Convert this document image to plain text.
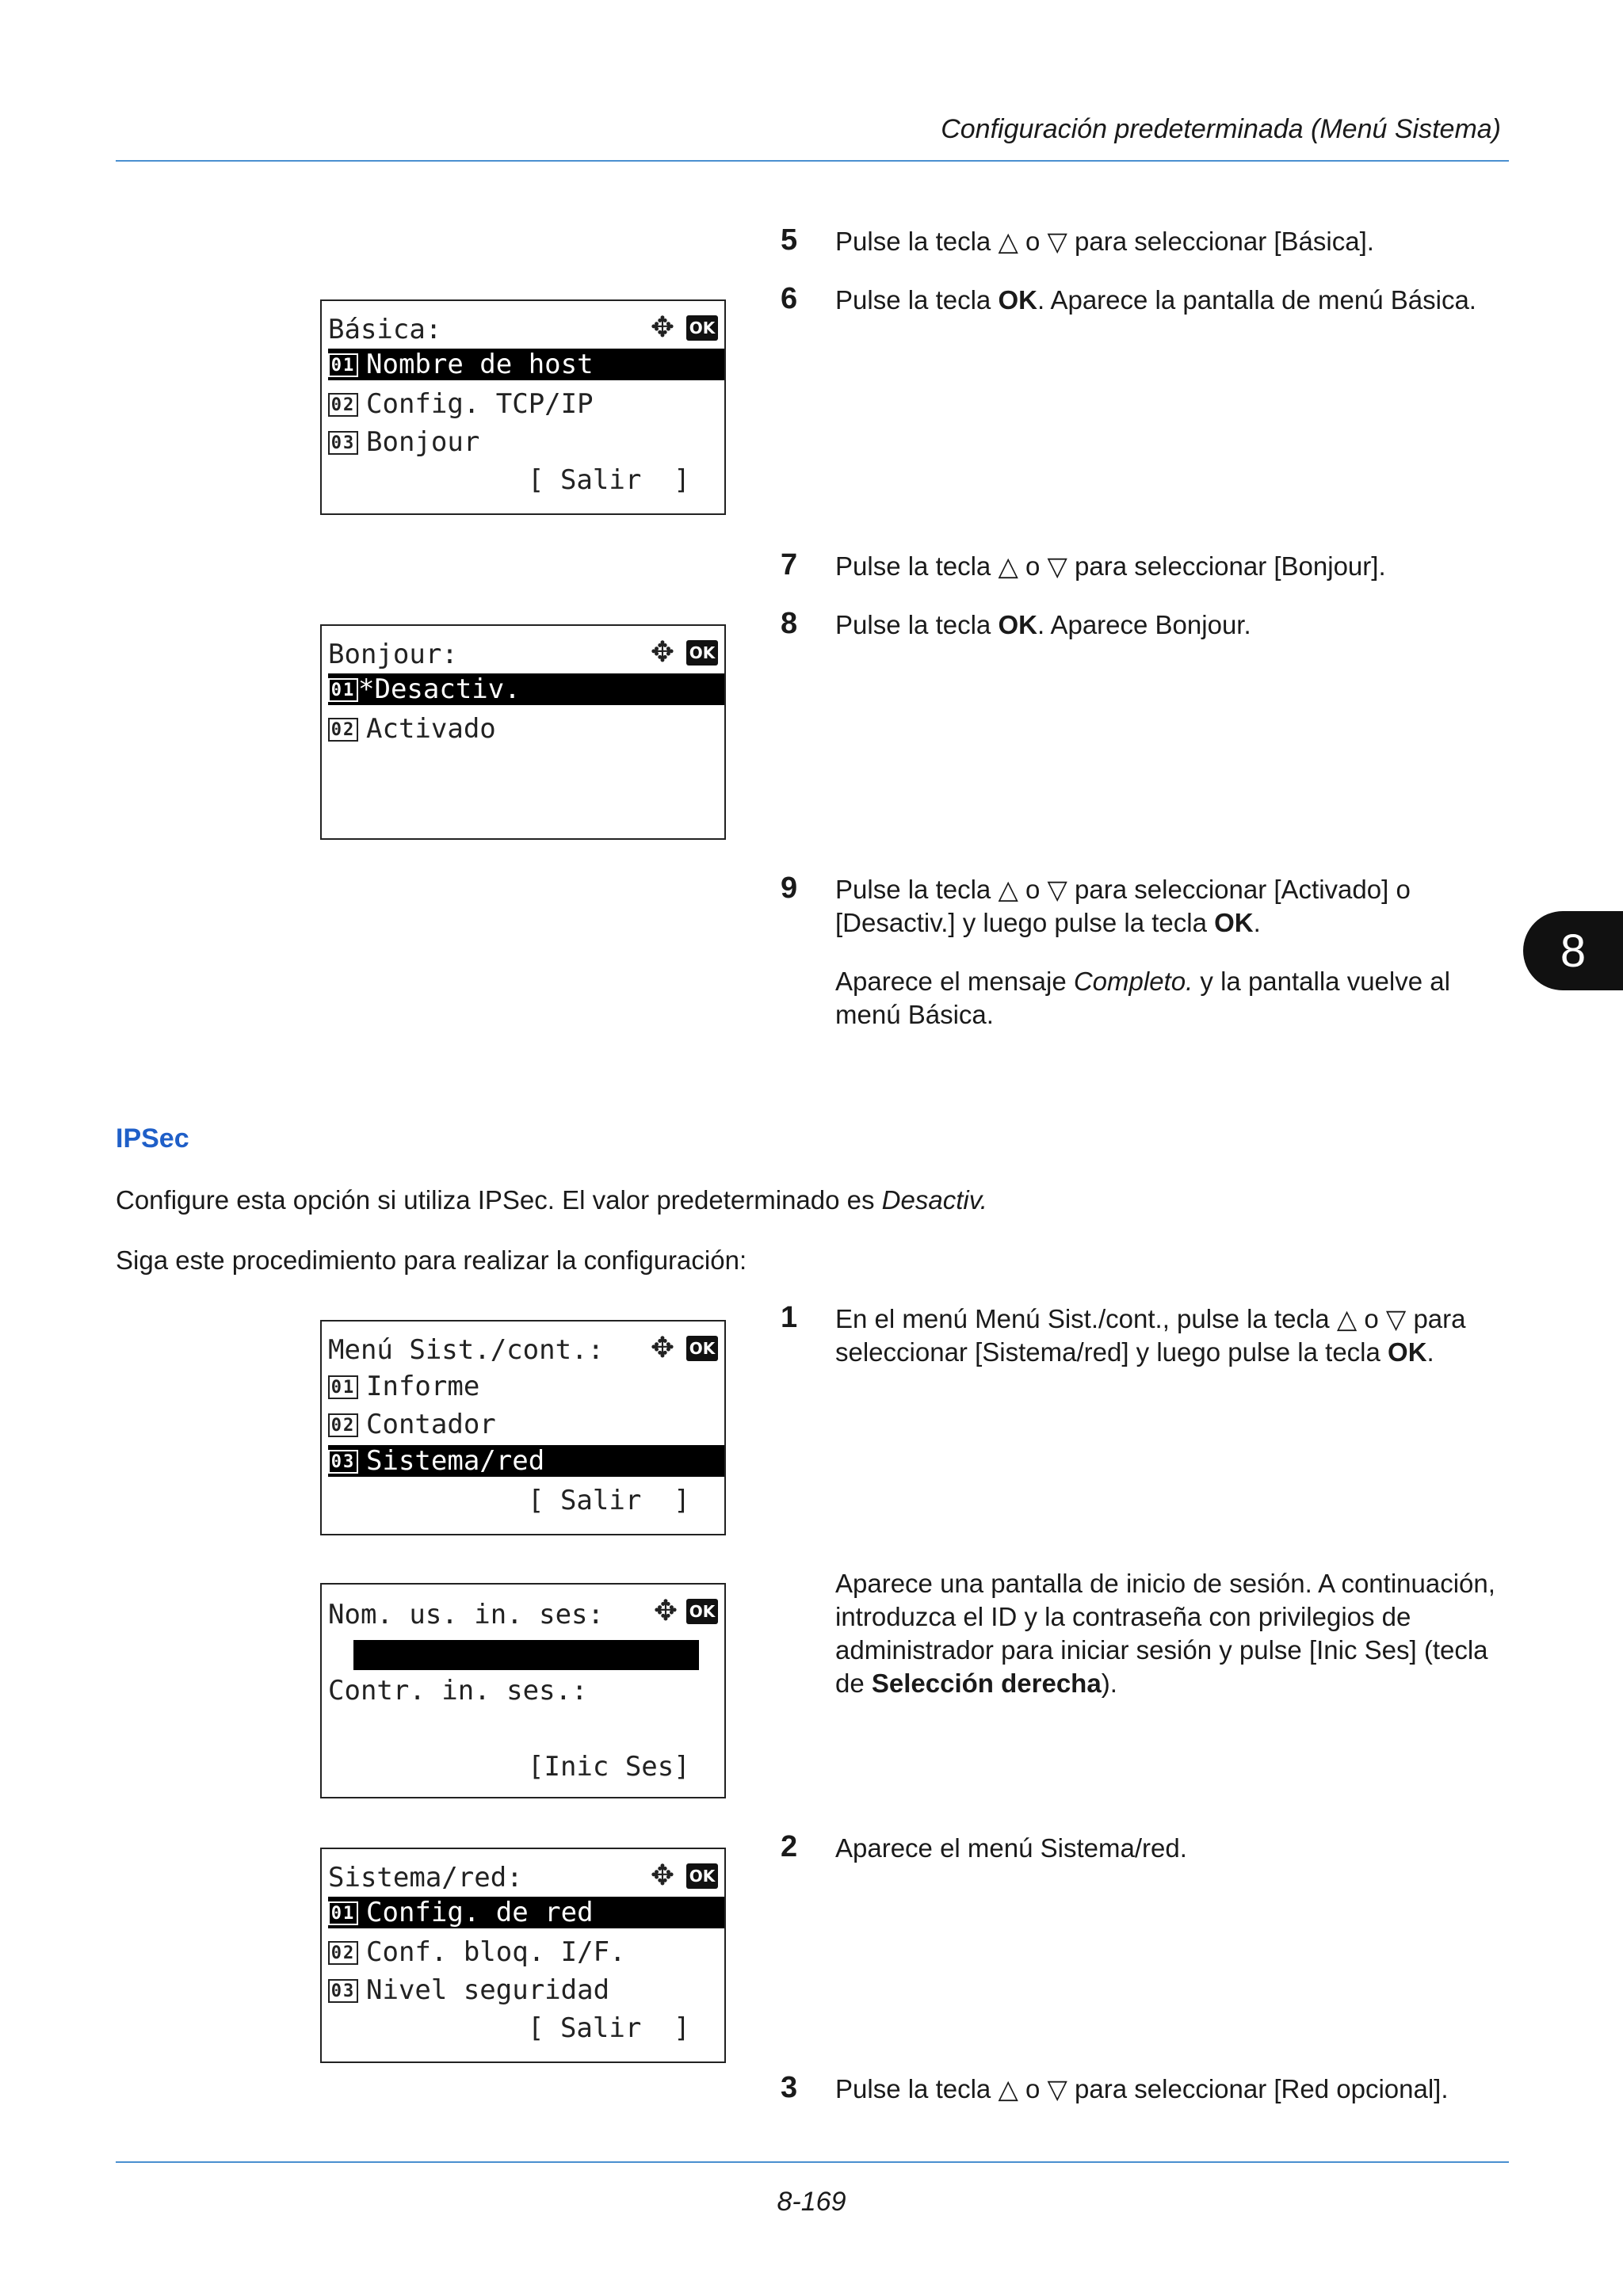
Configuración predeterminada (Menú Sistema)
8
5 Pulse la tecla △ o ▽ para seleccionar [Básica].
6 Pulse la tecla OK. Aparece la pantalla de menú Básica.
Básica:	✥ OK
01 Nombre de host
02 Config. TCP/IP
03 Bonjour
[ Salir  ]
7 Pulse la tecla △ o ▽ para seleccionar [Bonjour].
8 Pulse la tecla OK. Aparece Bonjour.
Bonjour:	✥ OK
01 *Desactiv.
02 Activado
9 Pulse la tecla △ o ▽ para seleccionar [Activado] o [Desactiv.] y luego pulse la tecla OK.
Aparece el mensaje Completo. y la pantalla vuelve al menú Básica.
IPSec
Configure esta opción si utiliza IPSec. El valor predeterminado es Desactiv.
Siga este procedimiento para realizar la configuración:
1 En el menú Menú Sist./cont., pulse la tecla △ o ▽ para seleccionar [Sistema/red] y luego pulse la tecla OK.
Menú Sist./cont.:	✥ OK
01 Informe
02 Contador
03 Sistema/red
[ Salir  ]
Aparece una pantalla de inicio de sesión. A continuación, introduzca el ID y la contraseña con privilegios de administrador para iniciar sesión y pulse [Inic Ses] (tecla de Selección derecha).
Nom. us. in. ses:	✥ OK
Contr. in. ses.:
[Inic Ses]
2 Aparece el menú Sistema/red.
Sistema/red:	✥ OK
01 Config. de red
02 Conf. bloq. I/F.
03 Nivel seguridad
[ Salir  ]
3 Pulse la tecla △ o ▽ para seleccionar [Red opcional].
8-169
